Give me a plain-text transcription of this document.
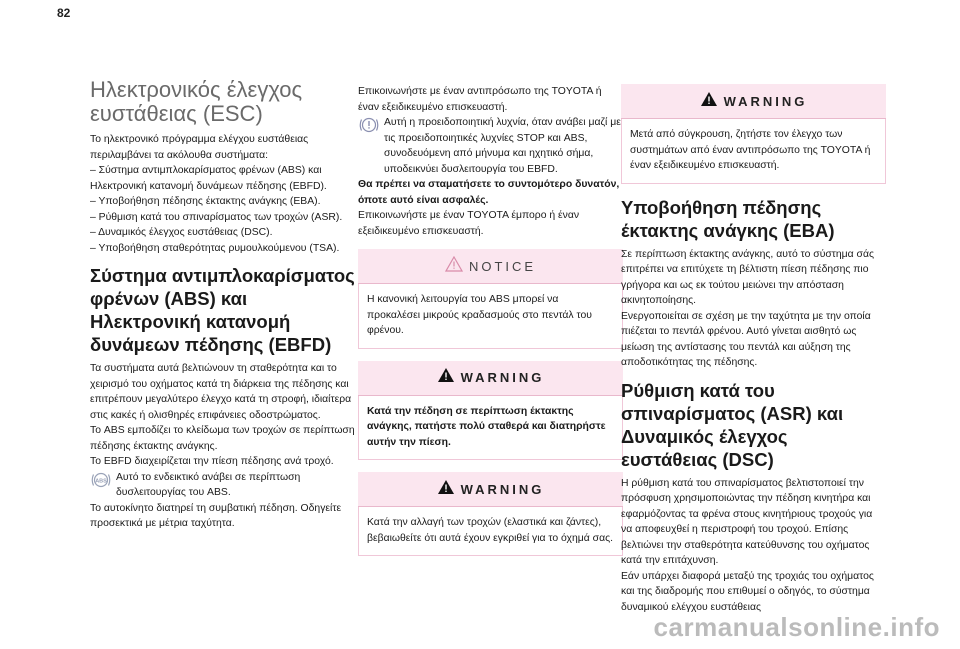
82
Ηλεκτρονικός έλεγχος ευστάθειας (ESC)

Το ηλεκτρονικό πρόγραμμα ελέγχου ευστάθειας περιλαμβάνει τα ακόλουθα συστήματα:

– Σύστημα αντιμπλοκαρίσματος φρένων (ABS) και Ηλεκτρονική κατανομή δυνάμεων πέδησης (EBFD).
– Υποβοήθηση πέδησης έκτακτης ανάγκης (EBA).
– Ρύθμιση κατά του σπιναρίσματος των τροχών (ASR).
– Δυναμικός έλεγχος ευστάθειας (DSC).
– Υποβοήθηση σταθερότητας ρυμουλκούμενου (TSA).
Σύστημα αντιμπλοκαρίσματος φρένων (ABS) και Ηλεκτρονική κατανομή δυνάμεων πέδησης (EBFD)

Τα συστήματα αυτά βελτιώνουν τη σταθερότητα και το χειρισμό του οχήματος κατά τη διάρκεια της πέδησης και επιτρέπουν μεγαλύτερο έλεγχο κατά τη στροφή, ιδιαίτερα στις κακές ή ολισθηρές επιφάνειες οδοστρώματος.

Το ABS εμποδίζει το κλείδωμα των τροχών σε περίπτωση πέδησης έκτακτης ανάγκης.

Το EBFD διαχειρίζεται την πίεση πέδησης ανά τροχό.

ABS Αυτό το ενδεικτικό ανάβει σε περίπτωση δυσλειτουργίας του ABS.

Το αυτοκίνητο διατηρεί τη συμβατική πέδηση. Οδηγείτε προσεκτικά με μέτρια ταχύτητα.

Επικοινωνήστε με έναν αντιπρόσωπο της TOYOTA ή έναν εξειδικευμένο επισκευαστή.

Αυτή η προειδοποιητική λυχνία, όταν ανάβει μαζί με τις προειδοποιητικές λυχνίες STOP και ABS, συνοδευόμενη από μήνυμα και ηχητικό σήμα, υποδεικνύει δυσλειτουργία του EBFD.

Θα πρέπει να σταματήσετε το συντομότερο δυνατόν, όποτε αυτό είναι ασφαλές.

Επικοινωνήστε με έναν TOYOTA έμπορο ή έναν εξειδικευμένο επισκευαστή.

NOTICE

Η κανονική λειτουργία του ABS μπορεί να προκαλέσει μικρούς κραδασμούς στο πεντάλ του φρένου.

WARNING

Κατά την πέδηση σε περίπτωση έκτακτης ανάγκης, πατήστε πολύ σταθερά και διατηρήστε αυτήν την πίεση.

WARNING

Κατά την αλλαγή των τροχών (ελαστικά και ζάντες), βεβαιωθείτε ότι αυτά έχουν εγκριθεί για το όχημά σας.

WARNING

Μετά από σύγκρουση, ζητήστε τον έλεγχο των συστημάτων από έναν αντιπρόσωπο της TOYOTA ή έναν εξειδικευμένο επισκευαστή.

Υποβοήθηση πέδησης έκτακτης ανάγκης (EBA)

Σε περίπτωση έκτακτης ανάγκης, αυτό το σύστημα σάς επιτρέπει να επιτύχετε τη βέλτιστη πίεση πέδησης πιο γρήγορα και ως εκ τούτου μειώνει την απόσταση ακινητοποίησης.

Ενεργοποιείται σε σχέση με την ταχύτητα με την οποία πιέζεται το πεντάλ φρένου. Αυτό γίνεται αισθητό ως μείωση της αντίστασης του πεντάλ και αύξηση της αποδοτικότητας της πέδησης.

Ρύθμιση κατά του σπιναρίσματος (ASR) και Δυναμικός έλεγχος ευστάθειας (DSC)

Η ρύθμιση κατά του σπιναρίσματος βελτιστοποιεί την πρόσφυση χρησιμοποιώντας την πέδηση κινητήρα και εφαρμόζοντας τα φρένα στους κινητήριους τροχούς για να αποφευχθεί η περιστροφή του τροχού. Επίσης βελτιώνει την σταθερότητα κατεύθυνσης του οχήματος κατά την επιτάχυνση.

Εάν υπάρχει διαφορά μεταξύ της τροχιάς του οχήματος και της διαδρομής που επιθυμεί ο οδηγός, το σύστημα δυναμικού ελέγχου ευστάθειας

carmanualsonline.info
